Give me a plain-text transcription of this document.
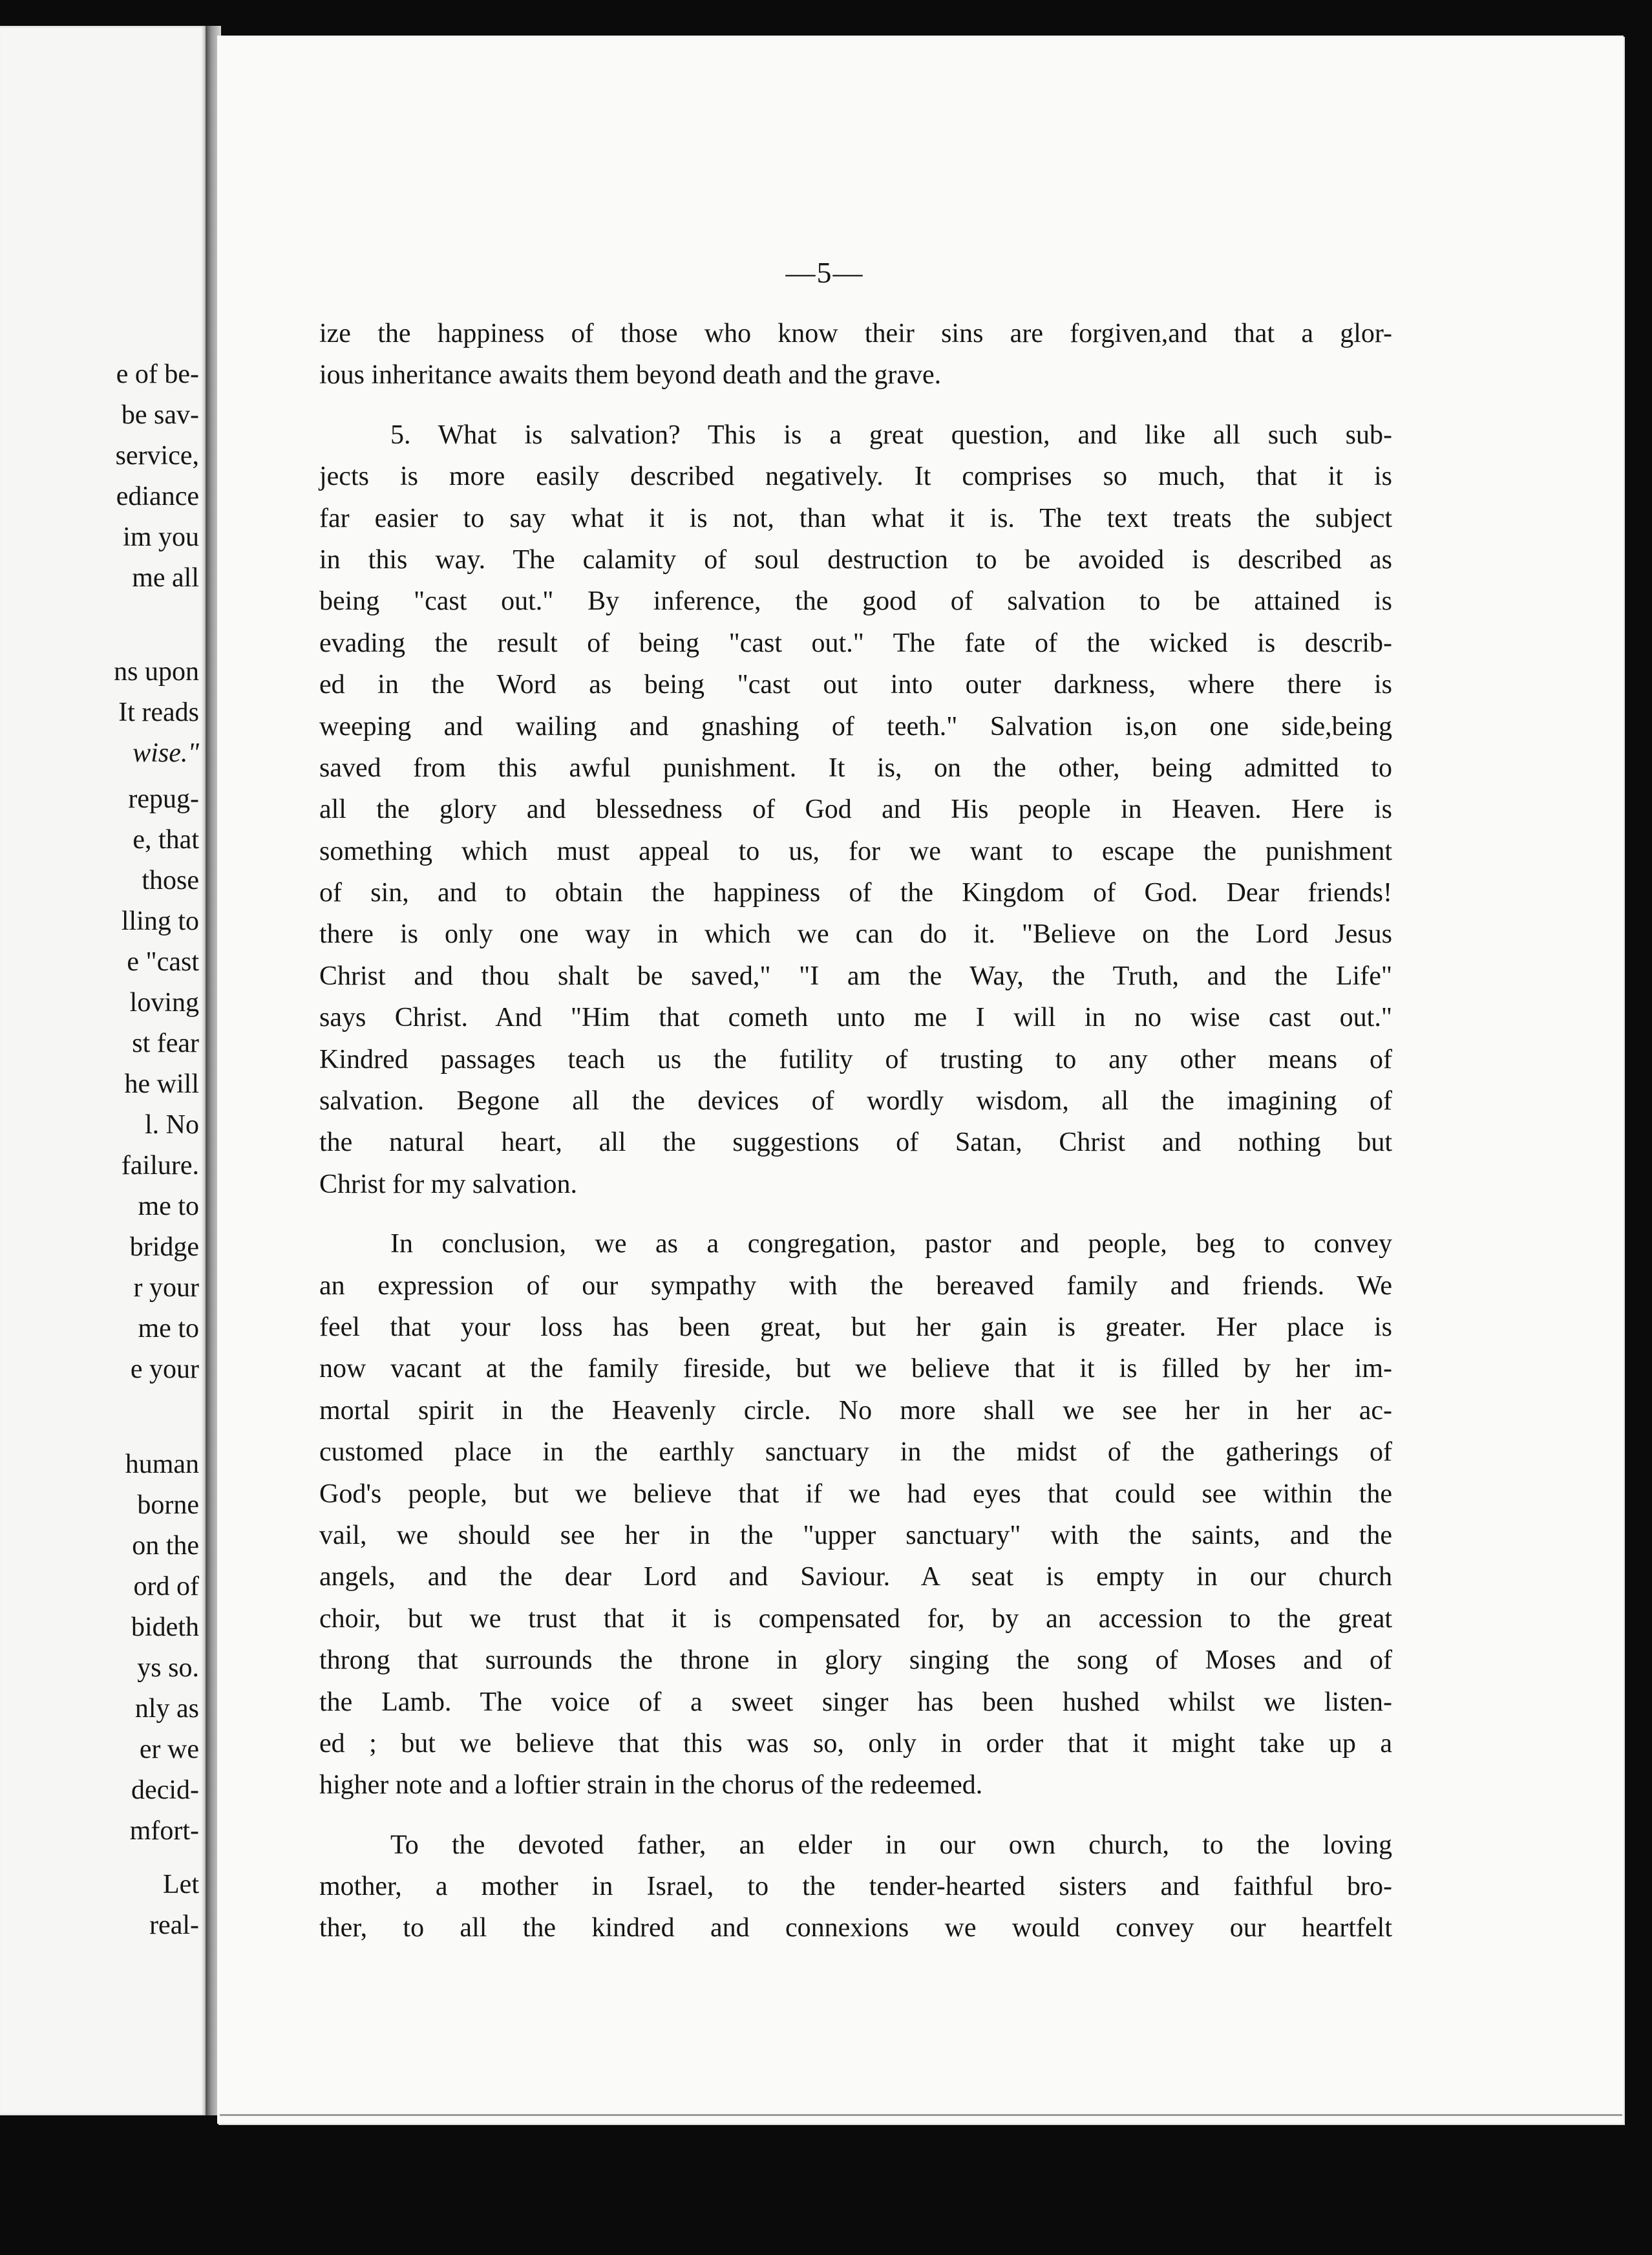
e of be-
be sav-
service,
ediance
im you
me all
ns upon
It reads
wise."
repug-
e, that
those
lling to
e "cast
loving
st fear
he will
l. No
failure.
me to
bridge
r your
me to
e your
human
borne
on the
ord of
bideth
ys so.
nly as
er we
decid-
mfort-
Let
real-
—5—
ize the happiness of those who know their sins are forgiven,and that a glor-
ious inheritance awaits them beyond death and the grave.
5. What is salvation? This is a great question, and like all such sub-
jects is more easily described negatively. It comprises so much, that it is
far easier to say what it is not, than what it is. The text treats the subject
in this way. The calamity of soul destruction to be avoided is described as
being "cast out." By inference, the good of salvation to be attained is
evading the result of being "cast out." The fate of the wicked is describ-
ed in the Word as being "cast out into outer darkness, where there is
weeping and wailing and gnashing of teeth." Salvation is,on one side,being
saved from this awful punishment. It is, on the other, being admitted to
all the glory and blessedness of God and His people in Heaven. Here is
something which must appeal to us, for we want to escape the punishment
of sin, and to obtain the happiness of the Kingdom of God. Dear friends!
there is only one way in which we can do it. "Believe on the Lord Jesus
Christ and thou shalt be saved," "I am the Way, the Truth, and the Life"
says Christ. And "Him that cometh unto me I will in no wise cast out."
Kindred passages teach us the futility of trusting to any other means of
salvation. Begone all the devices of wordly wisdom, all the imagining of
the natural heart, all the suggestions of Satan, Christ and nothing but
Christ for my salvation.
In conclusion, we as a congregation, pastor and people, beg to convey
an expression of our sympathy with the bereaved family and friends. We
feel that your loss has been great, but her gain is greater. Her place is
now vacant at the family fireside, but we believe that it is filled by her im-
mortal spirit in the Heavenly circle. No more shall we see her in her ac-
customed place in the earthly sanctuary in the midst of the gatherings of
God's people, but we believe that if we had eyes that could see within the
vail, we should see her in the "upper sanctuary" with the saints, and the
angels, and the dear Lord and Saviour. A seat is empty in our church
choir, but we trust that it is compensated for, by an accession to the great
throng that surrounds the throne in glory singing the song of Moses and of
the Lamb. The voice of a sweet singer has been hushed whilst we listen-
ed ; but we believe that this was so, only in order that it might take up a
higher note and a loftier strain in the chorus of the redeemed.
To the devoted father, an elder in our own church, to the loving
mother, a mother in Israel, to the tender-hearted sisters and faithful bro-
ther, to all the kindred and connexions we would convey our heartfelt
